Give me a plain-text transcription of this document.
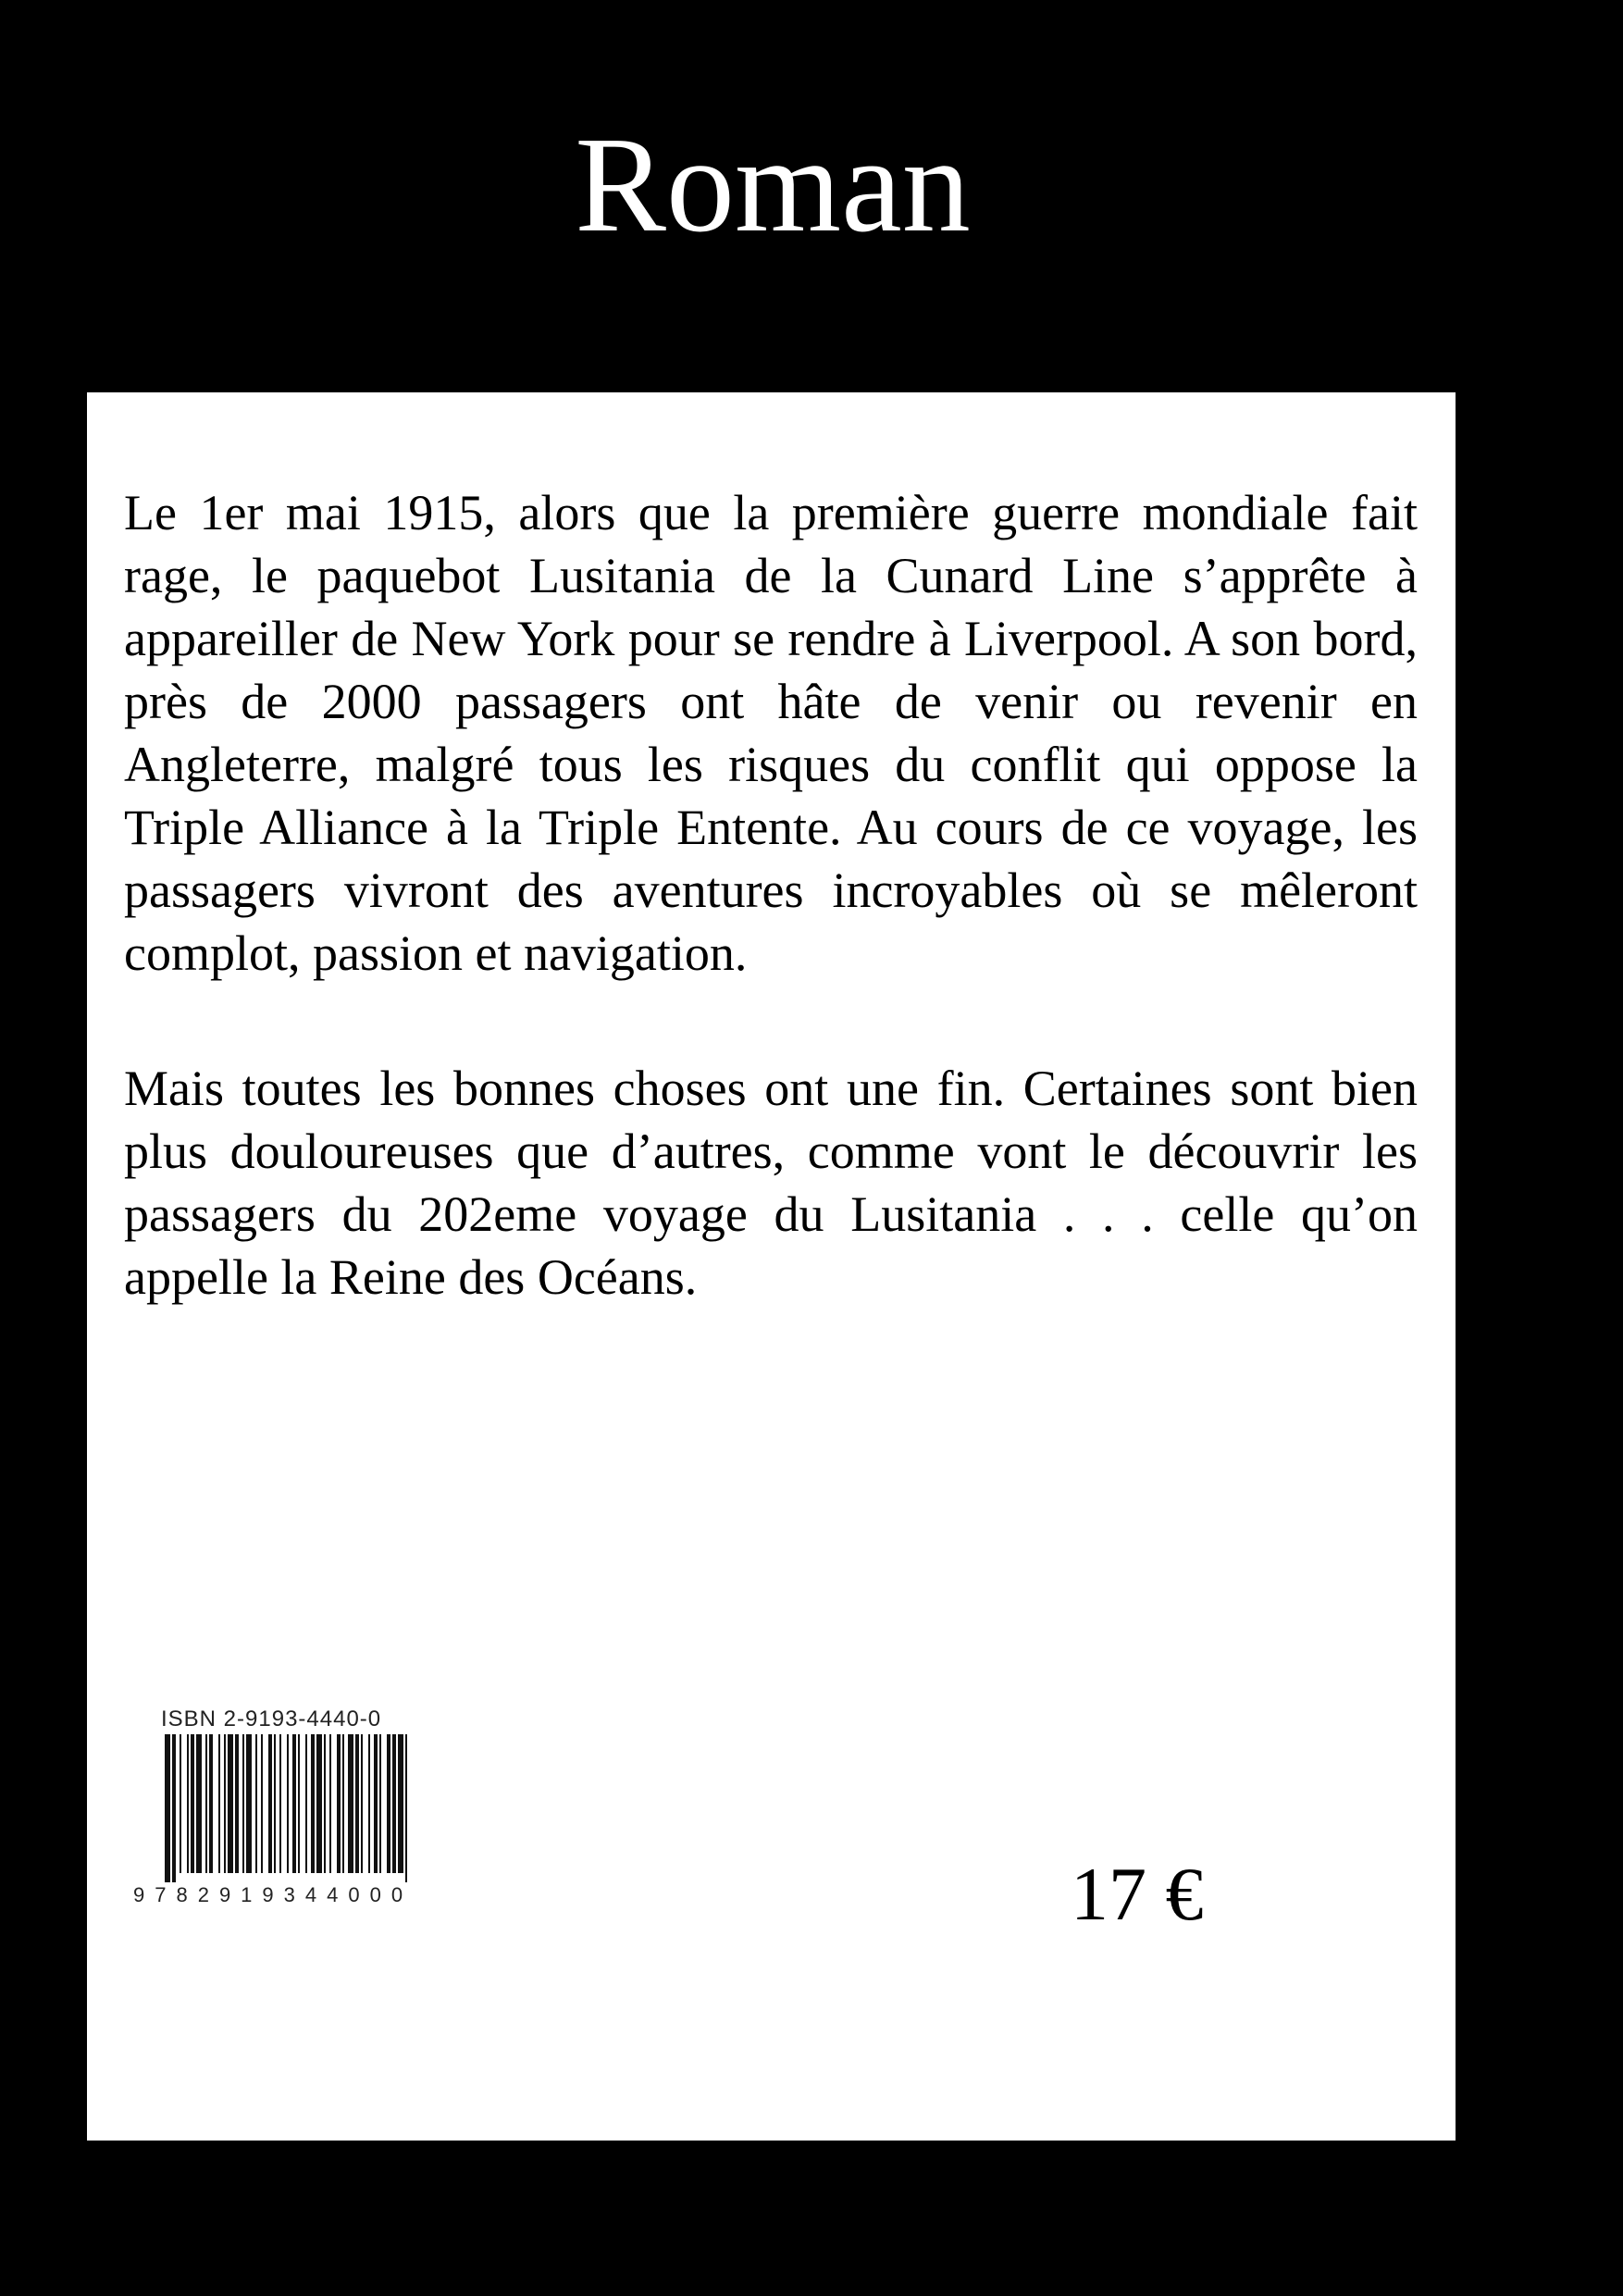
Roman

Le 1er mai 1915, alors que la première guerre mondiale fait rage, le paquebot Lusitania de la Cunard Line s’apprête à appareiller de New York pour se rendre à Liverpool. A son bord, près de 2000 passagers ont hâte de venir ou revenir en Angleterre, malgré tous les risques du conflit qui oppose la Triple Alliance à la Triple Entente. Au cours de ce voyage, les passagers vivront des aventures incroyables où se mêleront complot, passion et navigation.

Mais toutes les bonnes choses ont une fin. Certaines sont bien plus douloureuses que d’autres, comme vont le découvrir les passagers du 202eme voyage du Lusitania . . . celle qu’on appelle la Reine des Océans.

ISBN 2-9193-4440-0
9782919344000	17 €
